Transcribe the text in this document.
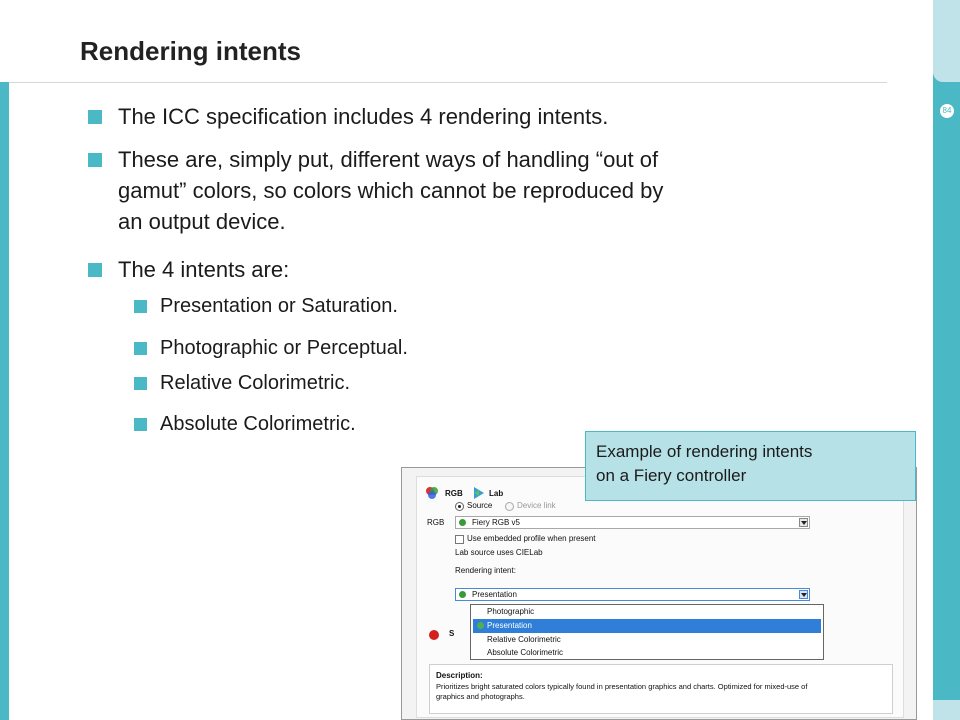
84
Rendering intents
The ICC specification includes 4 rendering intents.
These are, simply put, different ways of handling “out of
gamut” colors, so colors which cannot be reproduced by
an output device.
The 4 intents are:
Presentation or Saturation.
Photographic or Perceptual.
Relative Colorimetric.
Absolute Colorimetric.
RGB	Lab
Source	Device link
RGB	Fiery RGB v5
Use embedded profile when present
Lab source uses CIELab
Rendering intent:
Presentation
Photographic
Presentation
Relative Colorimetric
Absolute Colorimetric
S
Description:
Prioritizes bright saturated colors typically found in presentation graphics and charts. Optimized for mixed-use of
graphics and photographs.
Example of rendering intents
on a Fiery controller
